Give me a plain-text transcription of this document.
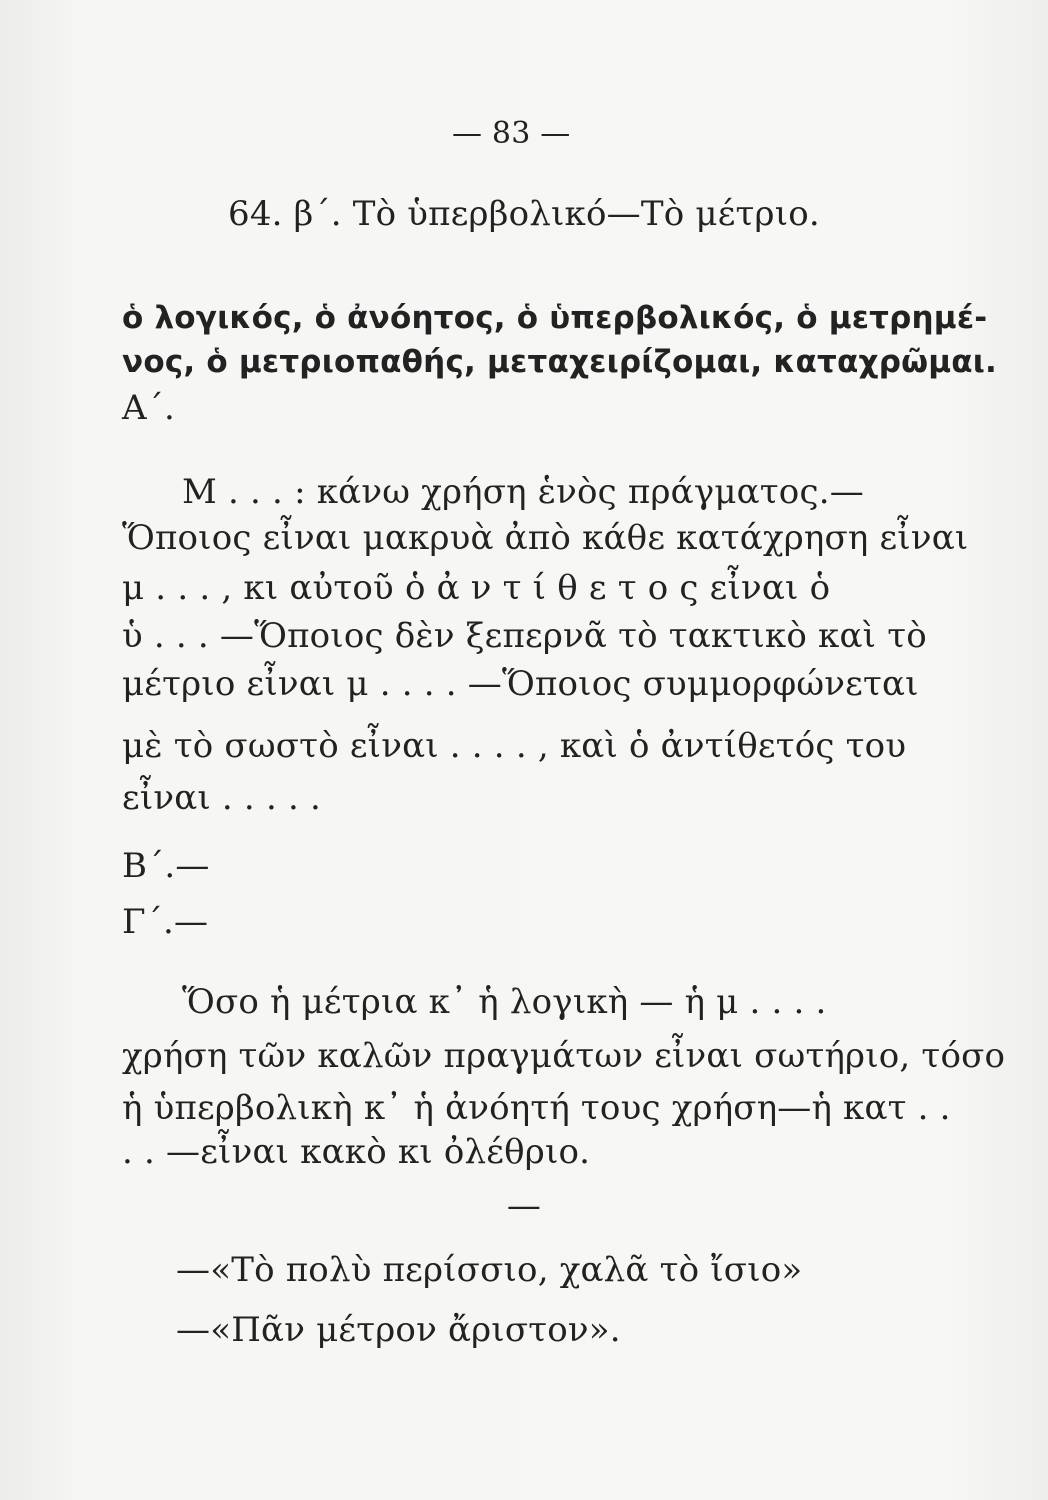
— 83 —
64. β΄. Τὸ ὑπερβολικό—Τὸ μέτριο.
ὁ λογικός, ὁ ἀνόητος, ὁ ὑπερβολικός, ὁ μετρημέ-
νος, ὁ μετριοπαθής, μεταχειρίζομαι, καταχρῶμαι.
Α΄.
Μ . . . : κάνω χρήση ἑνὸς πράγματος.—
Ὅποιος εἶναι μακρυὰ ἀπὸ κάθε κατάχρηση εἶναι
μ . . . , κι αὐτοῦ ὁ ἀ ν τ ί θ ε τ ο ς εἶναι ὁ
ὑ . . . —Ὅποιος δὲν ξεπερνᾶ τὸ τακτικὸ καὶ τὸ
μέτριο εἶναι μ . . . . —Ὅποιος συμμορφώνεται
μὲ τὸ σωστὸ εἶναι . . . . , καὶ ὁ ἀντίθετός του
εἶναι . . . . .
Β΄.—
Γ΄.—
Ὅσο ἡ μέτρια κ᾽ ἡ λογικὴ — ἡ μ . . . .
χρήση τῶν καλῶν πραγμάτων εἶναι σωτήριο, τόσο
ἡ ὑπερβολικὴ κ᾽ ἡ ἀνόητή τους χρήση—ἡ κατ . .
. . —εἶναι κακὸ κι ὀλέθριο.
—
—«Τὸ πολὺ περίσσιο, χαλᾶ τὸ ἴσιο»
—«Πᾶν μέτρον ἄριστον».
